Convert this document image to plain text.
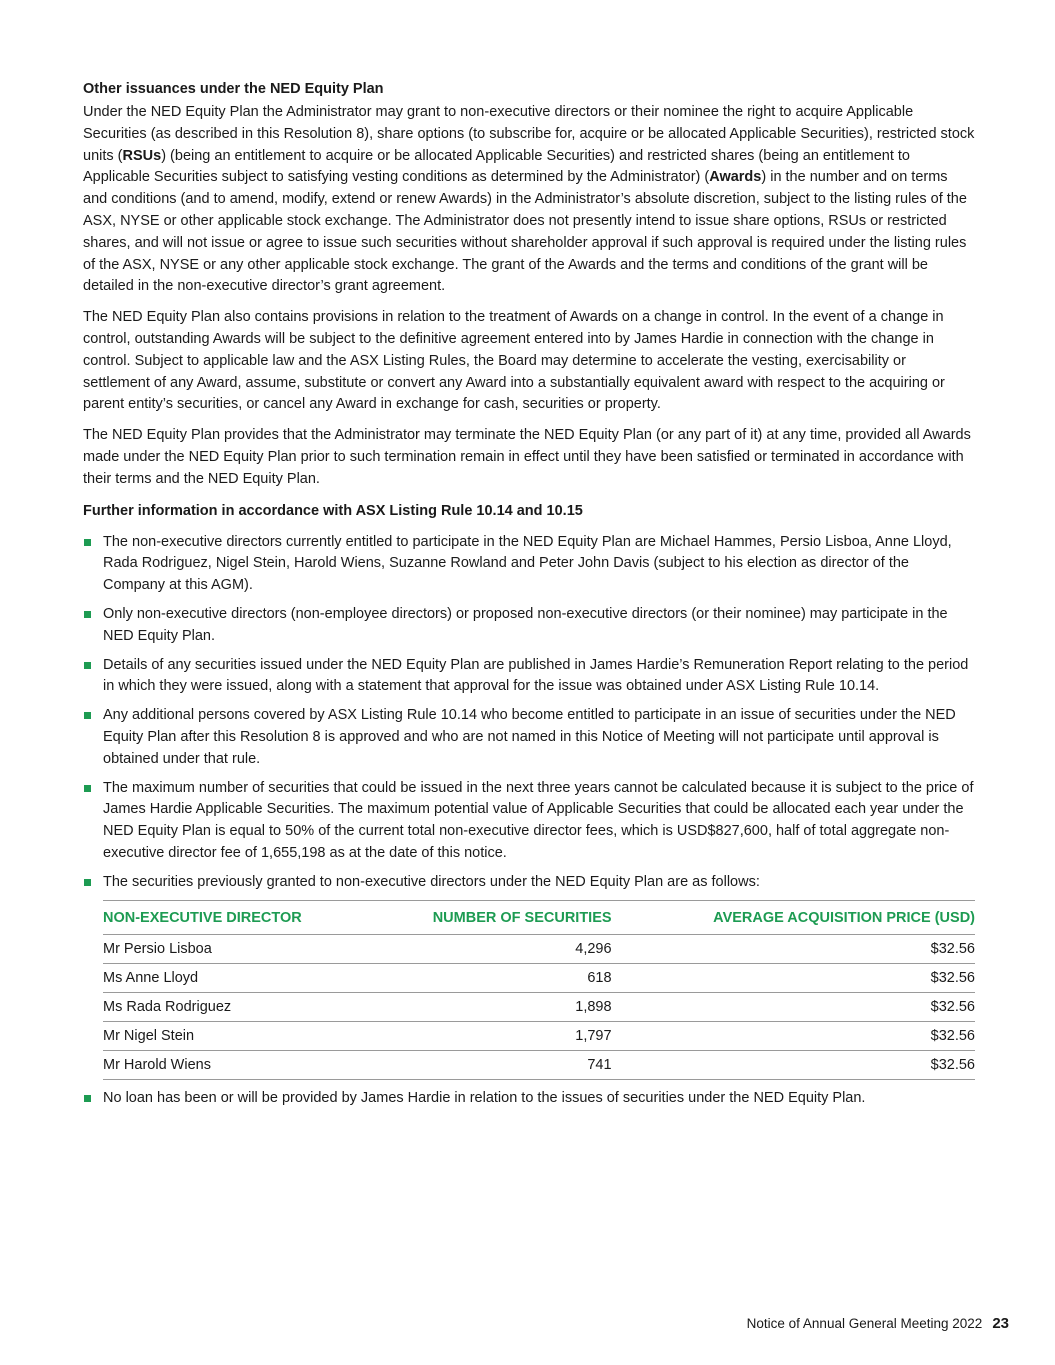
Other issuances under the NED Equity Plan

Under the NED Equity Plan the Administrator may grant to non-executive directors or their nominee the right to acquire Applicable Securities (as described in this Resolution 8), share options (to subscribe for, acquire or be allocated Applicable Securities), restricted stock units (RSUs) (being an entitlement to acquire or be allocated Applicable Securities) and restricted shares (being an entitlement to Applicable Securities subject to satisfying vesting conditions as determined by the Administrator) (Awards) in the number and on terms and conditions (and to amend, modify, extend or renew Awards) in the Administrator’s absolute discretion, subject to the listing rules of the ASX, NYSE or other applicable stock exchange. The Administrator does not presently intend to issue share options, RSUs or restricted shares, and will not issue or agree to issue such securities without shareholder approval if such approval is required under the listing rules of the ASX, NYSE or any other applicable stock exchange. The grant of the Awards and the terms and conditions of the grant will be detailed in the non-executive director’s grant agreement.

The NED Equity Plan also contains provisions in relation to the treatment of Awards on a change in control. In the event of a change in control, outstanding Awards will be subject to the definitive agreement entered into by James Hardie in connection with the change in control. Subject to applicable law and the ASX Listing Rules, the Board may determine to accelerate the vesting, exercisability or settlement of any Award, assume, substitute or convert any Award into a substantially equivalent award with respect to the acquiring or parent entity’s securities, or cancel any Award in exchange for cash, securities or property.

The NED Equity Plan provides that the Administrator may terminate the NED Equity Plan (or any part of it) at any time, provided all Awards made under the NED Equity Plan prior to such termination remain in effect until they have been satisfied or terminated in accordance with their terms and the NED Equity Plan.

Further information in accordance with ASX Listing Rule 10.14 and 10.15
The non-executive directors currently entitled to participate in the NED Equity Plan are Michael Hammes, Persio Lisboa, Anne Lloyd, Rada Rodriguez, Nigel Stein, Harold Wiens, Suzanne Rowland and Peter John Davis (subject to his election as director of the Company at this AGM).
Only non-executive directors (non-employee directors) or proposed non-executive directors (or their nominee) may participate in the NED Equity Plan.
Details of any securities issued under the NED Equity Plan are published in James Hardie’s Remuneration Report relating to the period in which they were issued, along with a statement that approval for the issue was obtained under ASX Listing Rule 10.14.
Any additional persons covered by ASX Listing Rule 10.14 who become entitled to participate in an issue of securities under the NED Equity Plan after this Resolution 8 is approved and who are not named in this Notice of Meeting will not participate until approval is obtained under that rule.
The maximum number of securities that could be issued in the next three years cannot be calculated because it is subject to the price of James Hardie Applicable Securities. The maximum potential value of Applicable Securities that could be allocated each year under the NED Equity Plan is equal to 50% of the current total non-executive director fees, which is USD$827,600, half of total aggregate non-executive director fee of 1,655,198 as at the date of this notice.
The securities previously granted to non-executive directors under the NED Equity Plan are as follows:
NON-EXECUTIVE DIRECTOR	NUMBER OF SECURITIES	AVERAGE ACQUISITION PRICE (USD)
Mr Persio Lisboa	4,296	$32.56
Ms Anne Lloyd	618	$32.56
Ms Rada Rodriguez	1,898	$32.56
Mr Nigel Stein	1,797	$32.56
Mr Harold Wiens	741	$32.56
No loan has been or will be provided by James Hardie in relation to the issues of securities under the NED Equity Plan.
Notice of Annual General Meeting 2022 23
